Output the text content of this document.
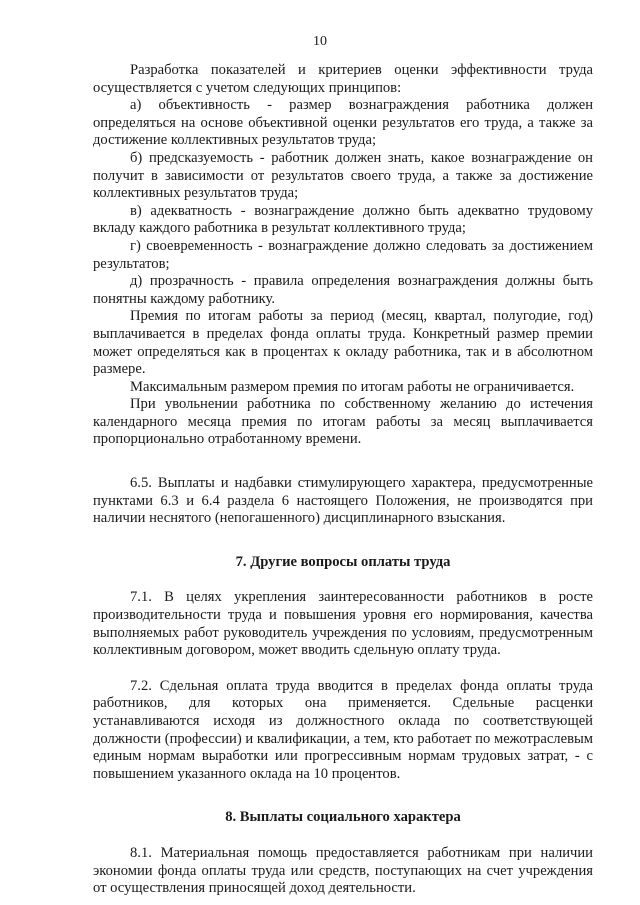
10

Разработка показателей и критериев оценки эффективности труда осуществляется с учетом следующих принципов:

а) объективность - размер вознаграждения работника должен определяться на основе объективной оценки результатов его труда, а также за достижение коллективных результатов труда;

б) предсказуемость - работник должен знать, какое вознаграждение он получит в зависимости от результатов своего труда, а также за достижение коллективных результатов труда;

в) адекватность - вознаграждение должно быть адекватно трудовому вкладу каждого работника в результат коллективного труда;

г) своевременность - вознаграждение должно следовать за достижением результатов;

д) прозрачность - правила определения вознаграждения должны быть понятны каждому работнику.

Премия по итогам работы за период (месяц, квартал, полугодие, год) выплачивается в пределах фонда оплаты труда. Конкретный размер премии может определяться как в процентах к окладу работника, так и в абсолютном размере.

Максимальным размером премия по итогам работы не ограничивается.

При увольнении работника по собственному желанию до истечения календарного месяца премия по итогам работы за месяц выплачивается пропорционально отработанному времени.

6.5. Выплаты и надбавки стимулирующего характера, предусмотренные пунктами 6.3 и 6.4 раздела 6 настоящего Положения, не производятся при наличии неснятого (непогашенного) дисциплинарного взыскания.

7. Другие вопросы оплаты труда

7.1. В целях укрепления заинтересованности работников в росте производительности труда и повышения уровня его нормирования, качества выполняемых работ руководитель учреждения по условиям, предусмотренным коллективным договором, может вводить сдельную оплату труда.

7.2. Сдельная оплата труда вводится в пределах фонда оплаты труда работников, для которых она применяется. Сдельные расценки устанавливаются исходя из должностного оклада по соответствующей должности (профессии) и квалификации, а тем, кто работает по межотраслевым единым нормам выработки или прогрессивным нормам трудовых затрат, - с повышением указанного оклада на 10 процентов.

8. Выплаты социального характера

8.1. Материальная помощь предоставляется работникам при наличии экономии фонда оплаты труда или средств, поступающих на счет учреждения от осуществления приносящей доход деятельности.
